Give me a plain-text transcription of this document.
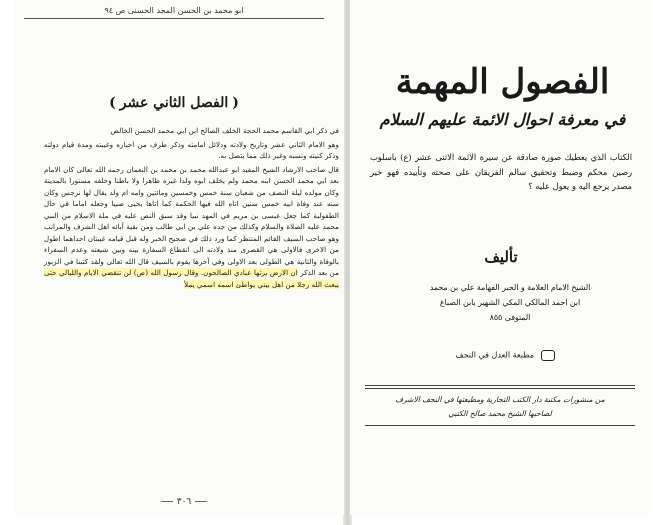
ابو محمد بن الحسن المجد الحسنى ص ٩٤
( الفصل الثاني عشر )

في ذكر ابي القاسم محمد الحجة الخلف الصالح ابن ابي محمد الحسن الخالص

وهو الامام الثاني عشر وتاريخ ولادته ودلائل امامته وذكر طرف من اخباره وغيبته ومدة قيام دولته وذكر كنيته ونسبه وغير ذلك مما يتصل به.

قال صاحب الارشاد الشيخ المفيد ابو عبدالله محمد بن محمد بن النعمان رحمه الله تعالى كان الامام بعد ابي محمد الحسن ابنه محمد ولم يخلف ابوه ولدا غيره ظاهرا ولا باطنا وخلفه مستورا بالمدينة وكان مولده ليلة النصف من شعبان سنة خمس وخمسين ومائتين وامه ام ولد يقال لها نرجس وكان سنه عند وفاة ابيه خمس سنين اتاه الله فيها الحكمة كما اتاها يحيى صبيا وجعله اماما في حال الطفولية كما جعل عيسى بن مريم في المهد نبيا وقد سبق النص عليه في ملة الاسلام من النبي محمد عليه الصلاة والسلام وكذلك من جده علي بن ابي طالب ومن بقية آبائه اهل الشرف والمراتب وهو صاحب السيف القائم المنتظر كما ورد ذلك في صحيح الخبر وله قبل قيامه غيبتان احداهما اطول من الاخرى فالاولى هي القصرى منذ ولادته الى انقطاع السفارة بينه وبين شيعته وعدم السفراء بالوفاة والثانية هي الطولى بعد الاولى وفي آخرها يقوم بالسيف قال الله تعالى ولقد كتبنا في الزبور من بعد الذكر ان الارض يرثها عبادي الصالحون. وقال رسول الله (ص) لن تنقضي الايام والليالي حتى يبعث الله رجلا من اهل بيتي يواطئ اسمه اسمي يملأ

٣٠٦
الفصول المهمة
في معرفة احوال الائمة عليهم السلام
الكتاب الذي يعطيك صورة صادقة عن سيرة الائمة الاثنى عشر (ع) باسلوب رصين محكم وضبط وتحقيق سالم الفريقان على صحته وتأييده فهو خير مصدر يرجع اليه و يعول عليه ؟
تأليف
الشيخ الامام العلامة و الحبر الفهامة علي بن محمد
ابن احمد المالكي المكي الشهير بابن الصباغ
المتوفى ٨٥٥
مطبعة العدل في النجف
من منشورات مكتبة دار الكتب التجارية ومطبعتها في النجف الاشرف
لصاحبها الشيخ محمد صالح الكتبي
